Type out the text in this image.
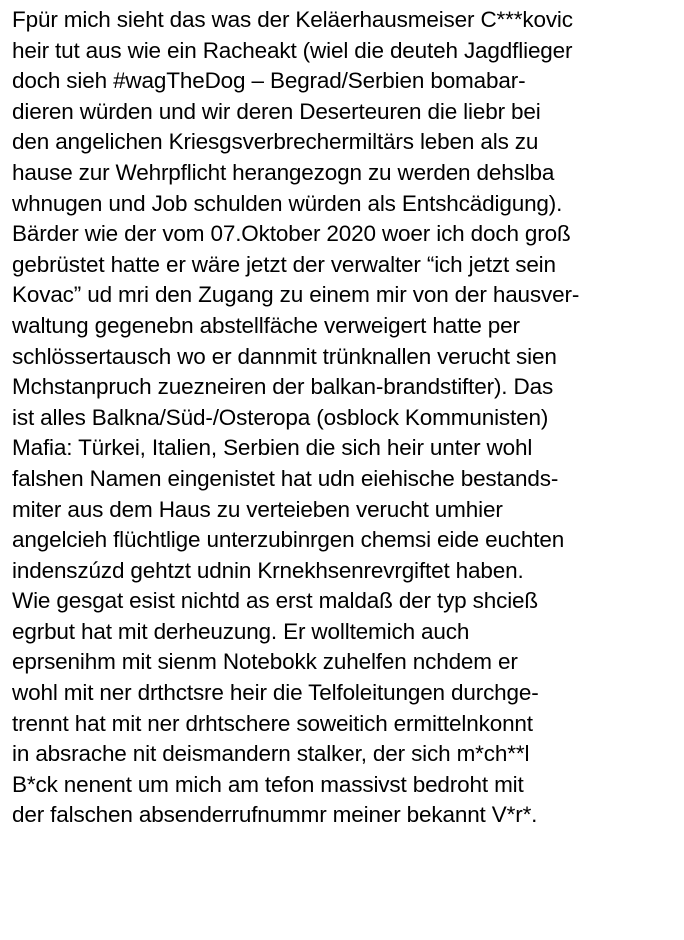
Fpür mich sieht das was der Keläerhausmeiser C***kovic
heir tut aus wie ein Racheakt (wiel die deuteh Jagdflieger
doch sieh #wagTheDog – Begrad/Serbien bomabar-
dieren würden und wir deren Deserteuren die liebr bei
den angelichen Kriesgsverbrechermiltärs leben als zu
hause zur Wehrpflicht herangezogn zu werden dehslba
whnugen und Job schulden würden als Entshcädigung).
Bärder wie der vom 07.Oktober 2020 woer ich doch groß
gebrüstet hatte er wäre jetzt der verwalter “ich jetzt sein
Kovac” ud mri den Zugang zu einem mir von der hausver-
waltung gegenebn abstellfäche verweigert hatte per
schlössertausch wo er dannmit trünknallen veruсht sien
Mchstanpruch zuezneiren der balkan-brandstifter). Das
ist alles Balkna/Süd-/Osteropa (osblock Kommunisten)
Mafia: Türkei, Italien, Serbien die sich heir unter wohl
falshen Namen eingenistet hat udn eiehische bestands-
miter aus dem Haus zu verteieben vеrucht umhier
angelcieh flüchtlige unterzubinrgen chemsi eide euchten
indenszúzd gehtzt udnin Krnekhsenrevrgiftet haben.
Wie gesgat esist nichtd as erst maldaß der typ shcieß
egrbut hat mit derheuzung. Er wolltemich auch
eprsenihm mit sienm Notebokk zuhelfen nchdem er
wohl mit ner drthctsre heir die Telfoleitungen durchge-
trennt hat mit ner drhtschere soweitich ermittelnkonnt
in absrache nit deismandern stalker, der sich m*ch**l
B*ck nenent um mich am tefon massivst bedroht mit
der falschen absenderrufnummr meiner bekannt V*r*.
